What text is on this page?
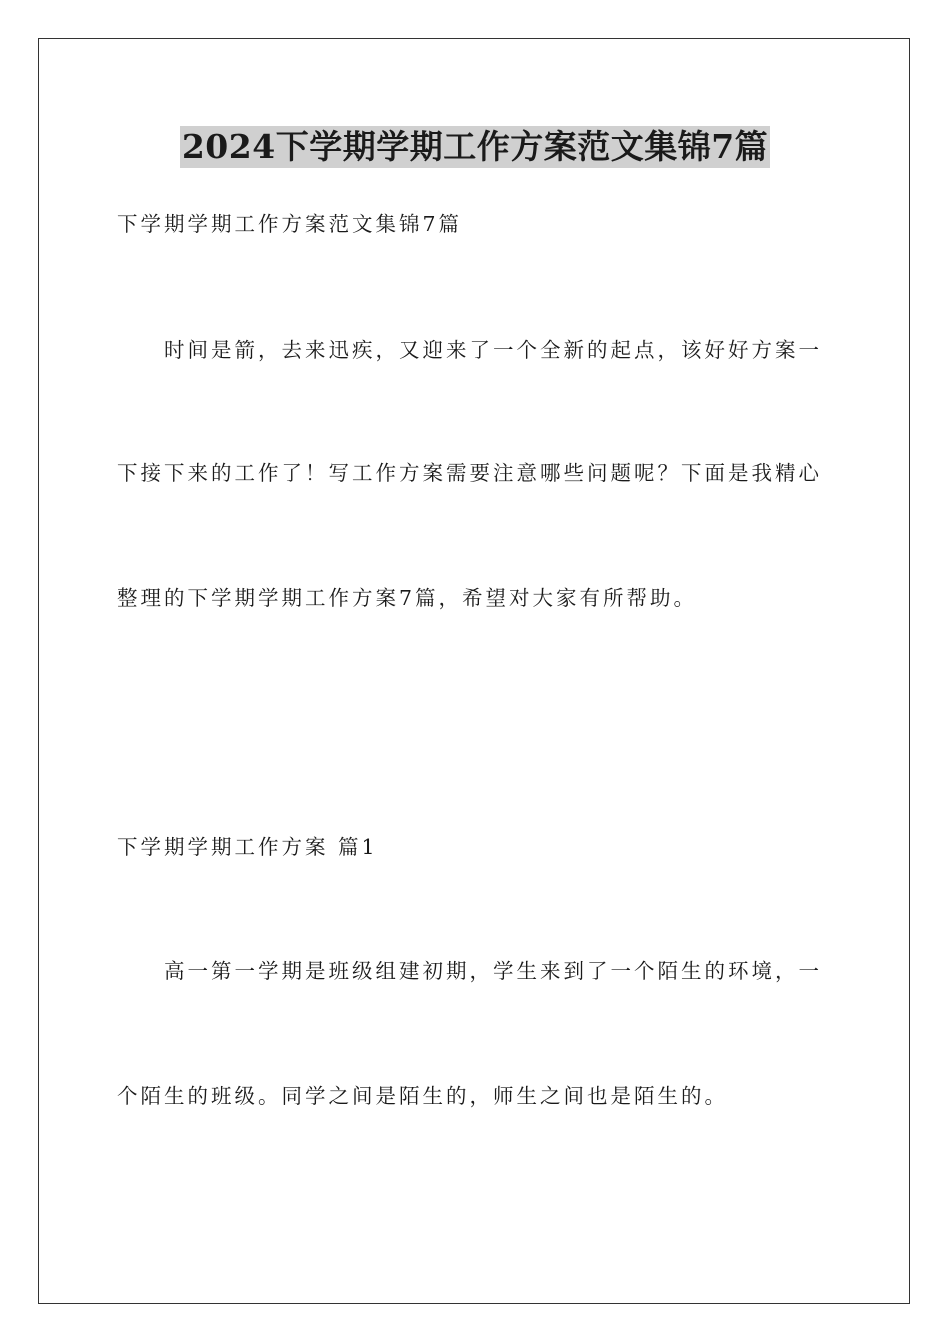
2024下学期学期工作方案范文集锦7篇
下学期学期工作方案范文集锦7篇
时间是箭，去来迅疾，又迎来了一个全新的起点，该好好方案一
下接下来的工作了！写工作方案需要注意哪些问题呢？下面是我精心
整理的下学期学期工作方案7篇，希望对大家有所帮助。
下学期学期工作方案 篇1
高一第一学期是班级组建初期，学生来到了一个陌生的环境，一
个陌生的班级。同学之间是陌生的，师生之间也是陌生的。
